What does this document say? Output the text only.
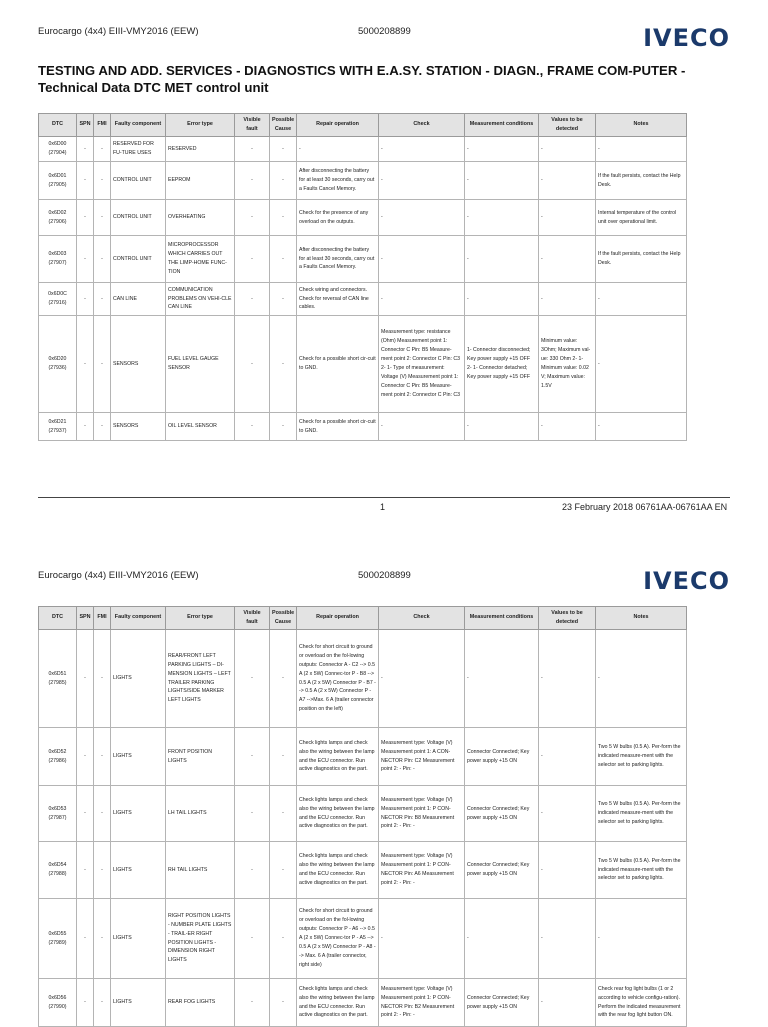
Eurocargo (4x4) EIII-VMY2016 (EEW)	5000208899	IVECO
TESTING AND ADD. SERVICES - DIAGNOSTICS WITH E.A.SY. STATION - DIAGN., FRAME COM-PUTER - Technical Data DTC MET control unit
DTC	SPN	FMI	Faulty component	Error type	Visible fault	Possible Cause	Repair operation	Check	Measurement conditions	Values to be detected	Notes
0x6D00 (27904)	-	-	RESERVED FOR FU-TURE USES	RESERVED	-	-	-	-	-	-	-
0x6D01 (27905)	-	-	CONTROL UNIT	EEPROM	-	-	After disconnecting the battery for at least 30 seconds, carry out a Faults Cancel Memory.	-	-	-	If the fault persists, contact the Help Desk.
0x6D02 (27906)	-	-	CONTROL UNIT	OVERHEATING	-	-	Check for the presence of any overload on the outputs.	-	-	-	Internal temperature of the control unit over operational limit.
0x6D03 (27907)	-	-	CONTROL UNIT	MICROPROCESSOR WHICH CARRIES OUT THE LIMP-HOME FUNC-TION	-	-	After disconnecting the battery for at least 30 seconds, carry out a Faults Cancel Memory.	-	-	-	If the fault persists, contact the Help Desk.
0x6D0C (27916)	-	-	CAN LINE	COMMUNICATION PROBLEMS ON VEHI-CLE CAN LINE	-	-	Check wiring and connectors. Check for reversal of CAN line cables.	-	-	-	-
0x6D20 (27936)	-	-	SENSORS	FUEL LEVEL GAUGE SENSOR	-	-	Check for a possible short cir-cuit to GND.	Measurement type: resistance (Ohm) Measurement point 1: Connector C Pin: B5 Measure-ment point 2: Connector C Pin: C3 2- 1- Type of measurement: Voltage (V) Measurement point 1: Connector C Pin: B5 Measure-ment point 2: Connector C Pin: C3	1- Connector disconnected; Key power supply +15 OFF 2- 1- Connector detached; Key power supply +15 OFF	Minimum value: 3Ohm; Maximum val-ue: 330 Ohm 2- 1- Minimum value: 0.02 V; Maximum value: 1.5V	-
0x6D21 (27937)	-	-	SENSORS	OIL LEVEL SENSOR	-	-	Check for a possible short cir-cuit to GND.	-	-	-	-
1	23 February 2018 06761AA-06761AA EN
Eurocargo (4x4) EIII-VMY2016 (EEW)	5000208899	IVECO
DTC	SPN	FMI	Faulty component	Error type	Visible fault	Possible Cause	Repair operation	Check	Measurement conditions	Values to be detected	Notes
0x6D51 (27985)	-	-	LIGHTS	REAR/FRONT LEFT PARKING LIGHTS – DI-MENSION LIGHTS – LEFT TRAILER PARKING LIGHTS/SIDE MARKER LEFT LIGHTS	-	-	Check for short circuit to ground or overload on the fol-lowing outputs: Connector A - C2 --> 0.5 A (2 x 5W) Connec-tor P - B8 --> 0.5 A (2 x 5W) Connector P - B7 --> 0.5 A (2 x 5W) Connector P - A7 -->Max. 6 A (trailer connector position on the left)	-	-	-	-
0x6D52 (27986)	-	-	LIGHTS	FRONT POSITION LIGHTS	-	-	Check lights lamps and check also the wiring between the lamp and the ECU connector. Run active diagnostics on the part.	Measurement type: Voltage (V) Measurement point 1: A CON-NECTOR Pin: C2 Measurement point 2: - Pin: -	Connector Connected; Key power supply +15 ON	-	Two 5 W bulbs (0.5 A). Per-form the indicated measure-ment with the selector set to parking lights.
0x6D53 (27987)	-	-	LIGHTS	LH TAIL LIGHTS	-	-	Check lights lamps and check also the wiring between the lamp and the ECU connector. Run active diagnostics on the part.	Measurement type: Voltage (V) Measurement point 1: P CON-NECTOR Pin: B8 Measurement point 2: - Pin: -	Connector Connected; Key power supply +15 ON	-	Two 5 W bulbs (0.5 A). Per-form the indicated measure-ment with the selector set to parking lights.
0x6D54 (27988)	-	-	LIGHTS	RH TAIL LIGHTS	-	-	Check lights lamps and check also the wiring between the lamp and the ECU connector. Run active diagnostics on the part.	Measurement type: Voltage (V) Measurement point 1: P CON-NECTOR Pin: A6 Measurement point 2: - Pin: -	Connector Connected; Key power supply +15 ON	-	Two 5 W bulbs (0.5 A). Per-form the indicated measure-ment with the selector set to parking lights.
0x6D55 (27989)	-	-	LIGHTS	RIGHT POSITION LIGHTS - NUMBER PLATE LIGHTS - TRAIL-ER RIGHT POSITION LIGHTS - DIMENSION RIGHT LIGHTS	-	-	Check for short circuit to ground or overload on the fol-lowing outputs: Connector P - A6 --> 0.5 A (2 x 5W) Connec-tor P - A5 --> 0.5 A (2 x 5W) Connector P - A8 --> Max. 6 A (trailer connector, right side)	-	-	-	-
0x6D56 (27990)	-	-	LIGHTS	REAR FOG LIGHTS	-	-	Check lights lamps and check also the wiring between the lamp and the ECU connector. Run active diagnostics on the part.	Measurement type: Voltage (V) Measurement point 1: P CON-NECTOR Pin: B2 Measurement point 2: - Pin: -	Connector Connected; Key power supply +15 ON	-	Check rear fog light bulbs (1 or 2 according to vehicle configu-ration). Perform the indicated measurement with the rear fog light button ON.
